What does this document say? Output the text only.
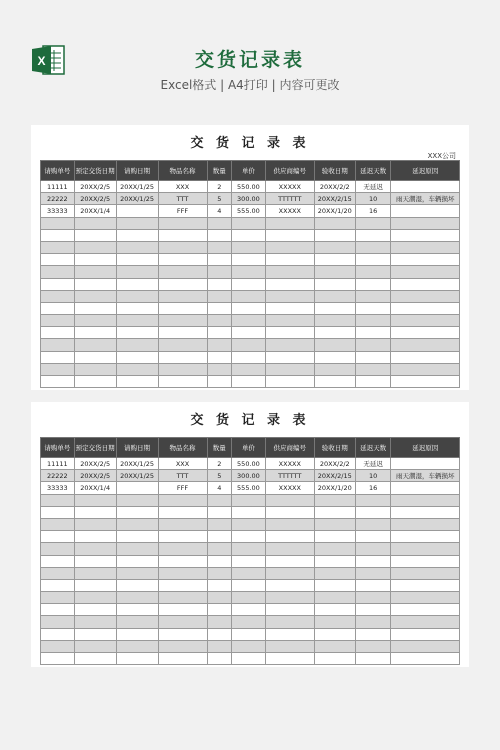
X	交货记录表
Excel格式 | A4打印 | 内容可更改
交 货 记 录 表
XXX公司
请购单号	预定交货日期	请购日期	物品名称	数量	单价	供应商编号	验收日期	延迟天数	延迟原因
11111	20XX/2/5	20XX/1/25	XXX	2	550.00	XXXXX	20XX/2/2	无延迟	
22222	20XX/2/5	20XX/1/25	TTT	5	300.00	TTTTTT	20XX/2/15	10	雨天潮湿，车辆损坏
33333	20XX/1/4		FFF	4	555.00	XXXXX	20XX/1/20	16	

交 货 记 录 表
请购单号	预定交货日期	请购日期	物品名称	数量	单价	供应商编号	验收日期	延迟天数	延迟原因
11111	20XX/2/5	20XX/1/25	XXX	2	550.00	XXXXX	20XX/2/2	无延迟	
22222	20XX/2/5	20XX/1/25	TTT	5	300.00	TTTTTT	20XX/2/15	10	雨天潮湿，车辆损坏
33333	20XX/1/4		FFF	4	555.00	XXXXX	20XX/1/20	16	
